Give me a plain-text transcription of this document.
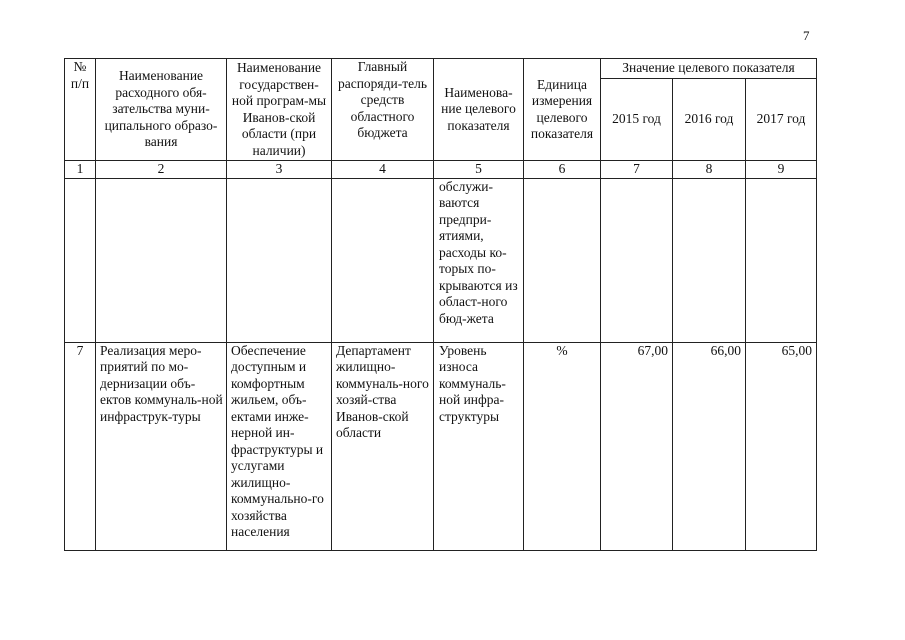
7
№ п/п	Наименование расходного обя-зательства муни-ципального образо-вания	Наименование государствен-ной програм-мы Иванов-ской области (при наличии)	Главный распоряди-тель средств областного бюджета	Наименова-ние целевого показателя	Единица измерения целевого показателя	Значение целевого показателя		
						2015 год	2016 год	2017 год
1	2	3	4	5	6	7	8	9
				обслужи-ваются предпри-ятиями, расходы ко-торых по-крываются из област-ного бюд-жета				
7	Реализация меро-приятий по мо-дернизации объ-ектов коммуналь-ной инфраструк-туры	Обеспечение доступным и комфортным жильем, объ-ектами инже-нерной ин-фраструктуры и услугами жилищно-коммунально-го хозяйства населения	Департамент жилищно-коммуналь-ного хозяй-ства Иванов-ской области	Уровень износа коммуналь-ной инфра-структуры	%	67,00	66,00	65,00
